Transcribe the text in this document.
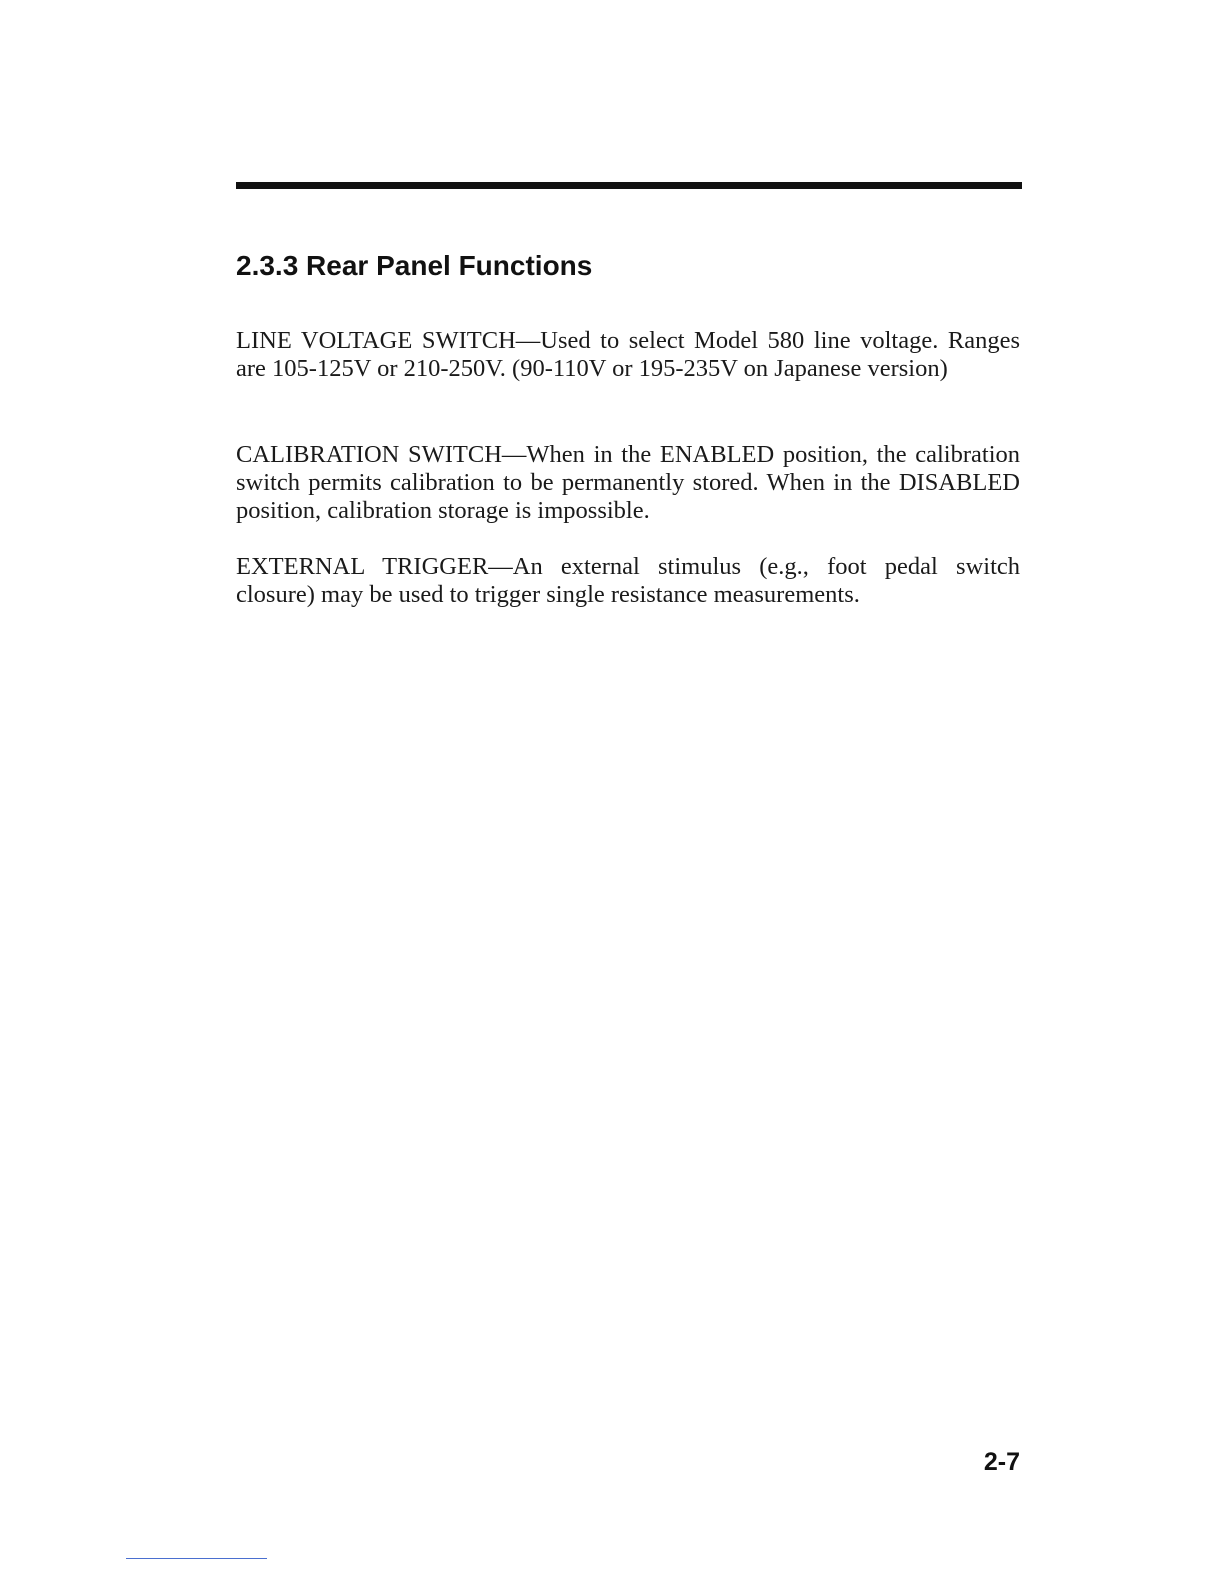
2.3.3 Rear Panel Functions

LINE VOLTAGE SWITCH—Used to select Model 580 line voltage. Ranges are 105-125V or 210-250V. (90-110V or 195-235V on Japanese version)

CALIBRATION SWITCH—When in the ENABLED position, the calibration switch permits calibration to be permanently stored. When in the DISABLED position, calibration storage is impossible.

EXTERNAL TRIGGER—An external stimulus (e.g., foot pedal switch closure) may be used to trigger single resistance measurements.

2-7
